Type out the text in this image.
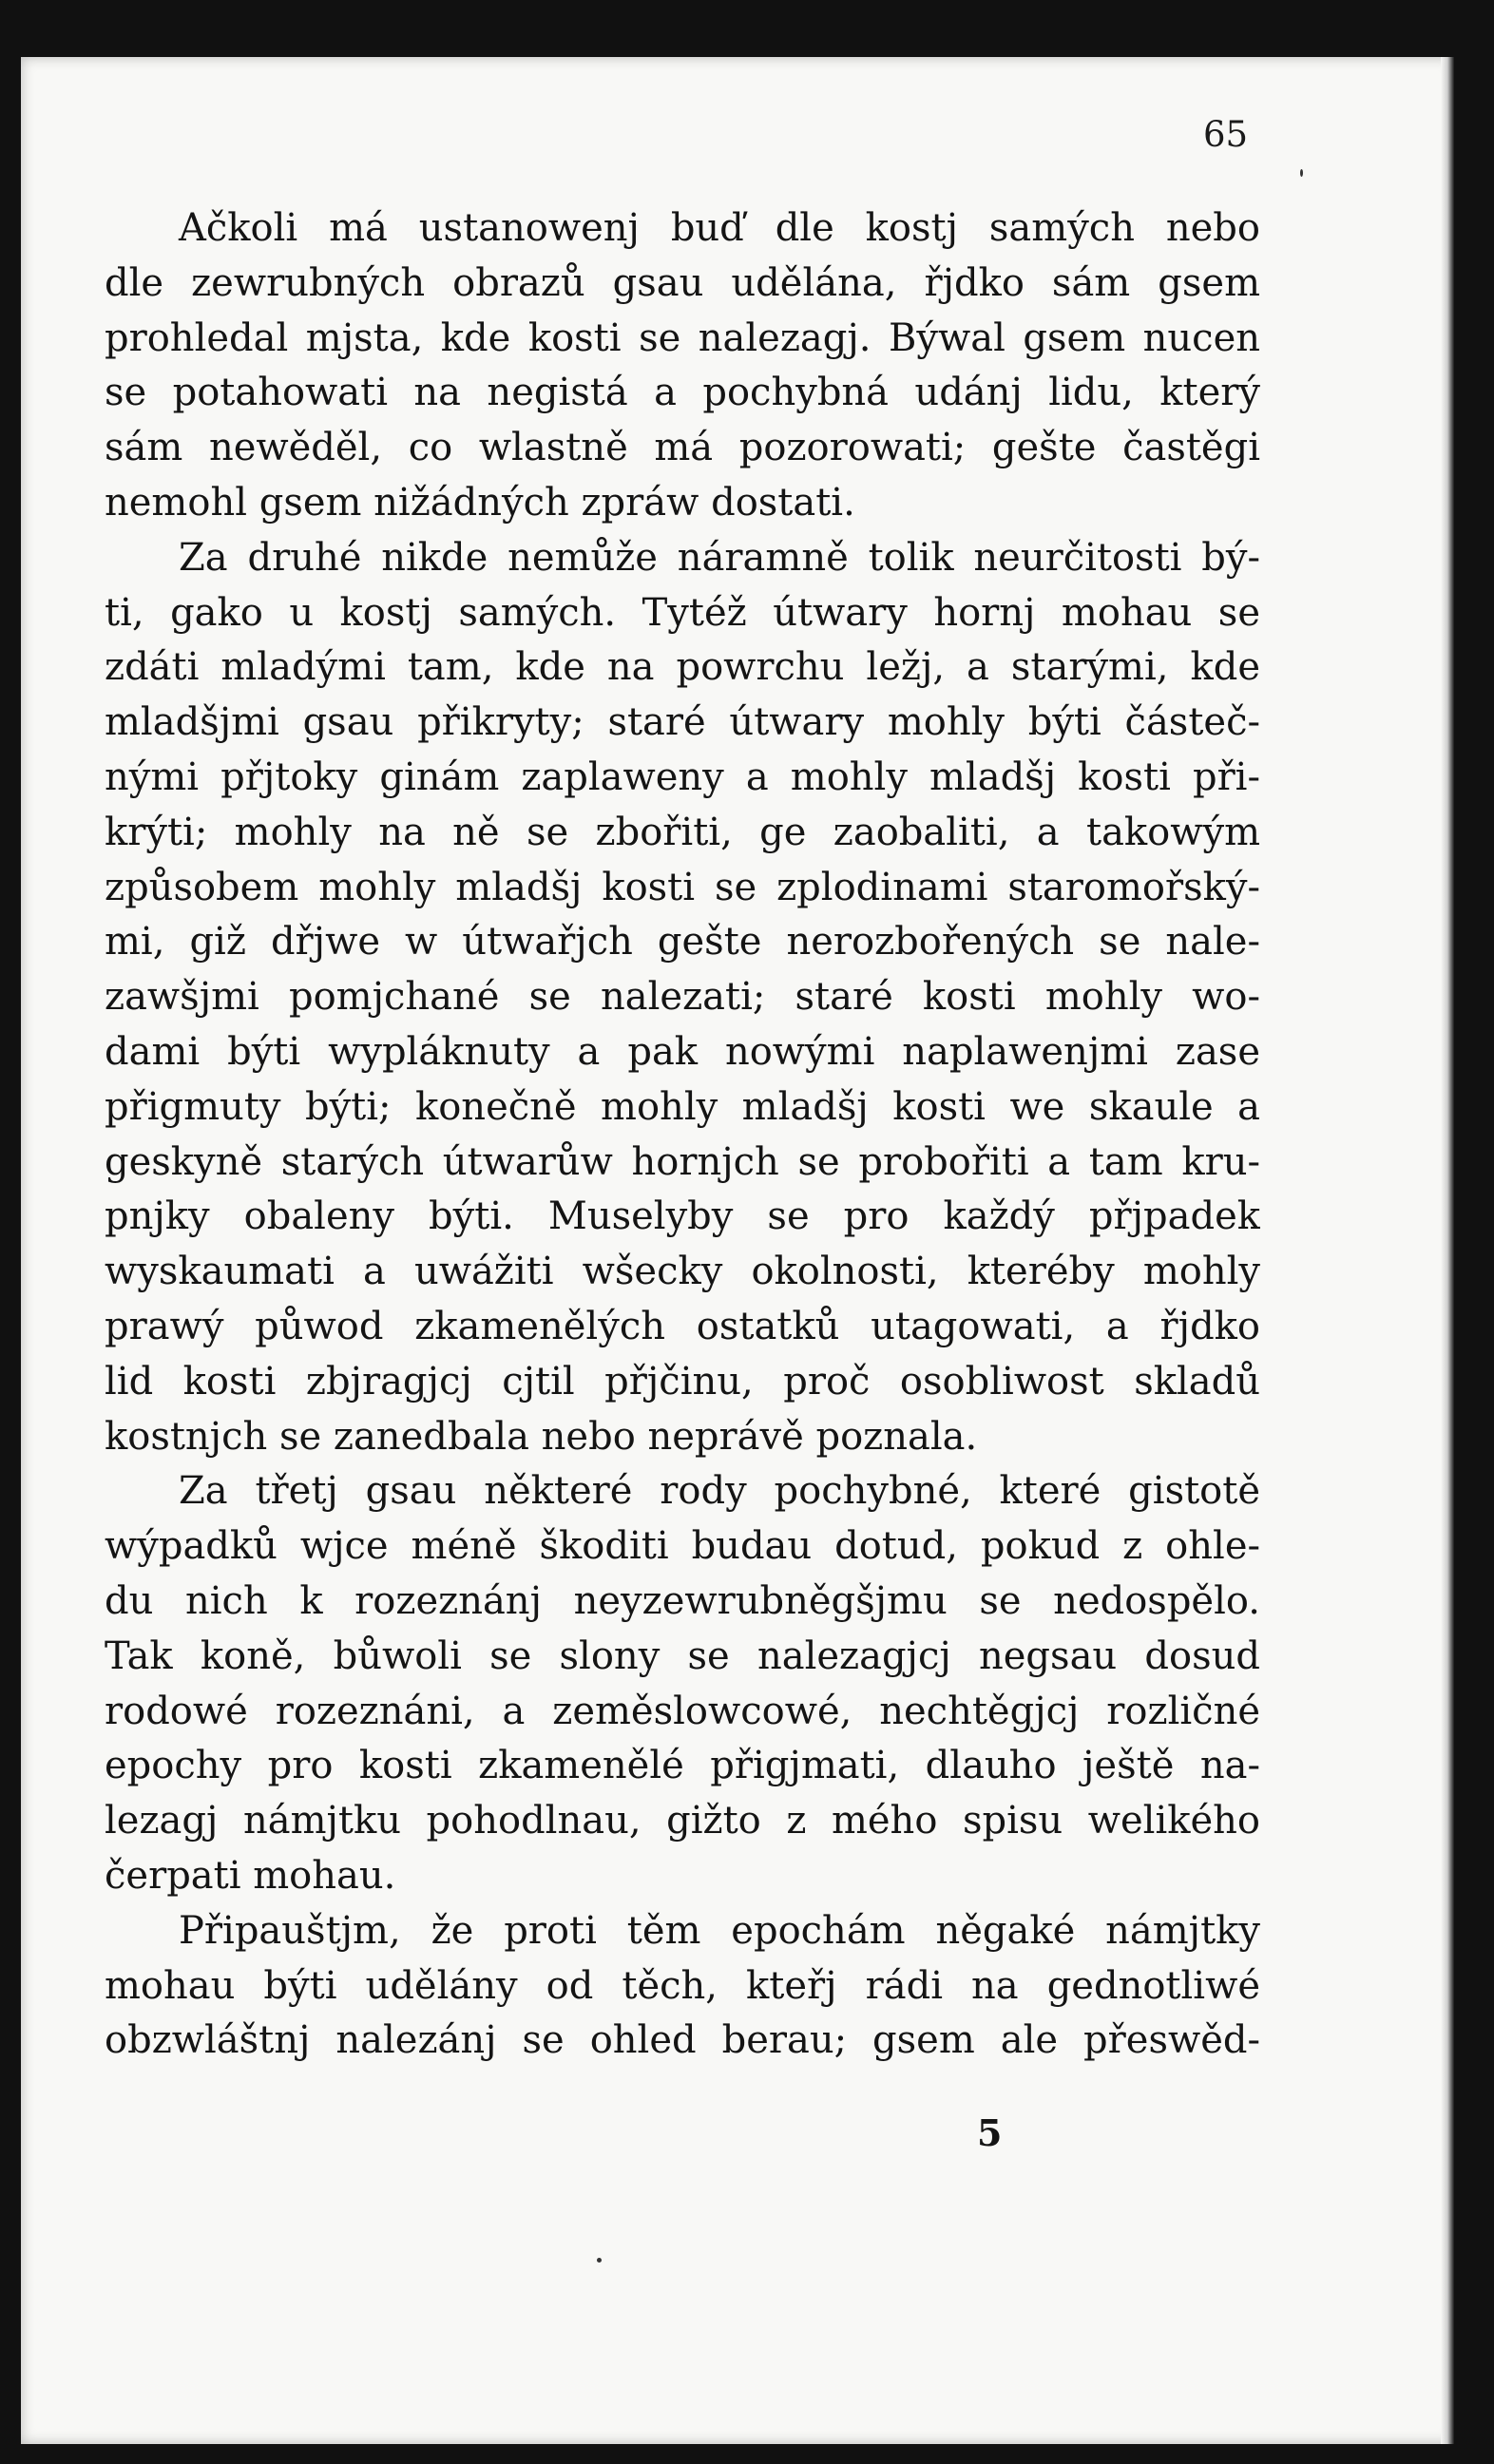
65
Ačkoli má ustanowenj buď dle kostj samých nebo
dle zewrubných obrazů gsau udělána, řjdko sám gsem
prohledal mjsta, kde kosti se nalezagj. Býwal gsem nucen
se potahowati na negistá a pochybná udánj lidu, který
sám newěděl, co wlastně má pozorowati; gešte častěgi
nemohl gsem nižádných zpráw dostati.
Za druhé nikde nemůže náramně tolik neurčitosti bý-
ti, gako u kostj samých. Tytéž útwary hornj mohau se
zdáti mladými tam, kde na powrchu ležj, a starými, kde
mladšjmi gsau přikryty; staré útwary mohly býti částeč-
nými přjtoky ginám zaplaweny a mohly mladšj kosti při-
krýti; mohly na ně se zbořiti, ge zaobaliti, a takowým
způsobem mohly mladšj kosti se zplodinami staromořský-
mi, giž dřjwe w útwařjch gešte nerozbořených se nale-
zawšjmi pomjchané se nalezati; staré kosti mohly wo-
dami býti wypláknuty a pak nowými naplawenjmi zase
přigmuty býti; konečně mohly mladšj kosti we skaule a
geskyně starých útwarůw hornjch se probořiti a tam kru-
pnjky obaleny býti. Muselyby se pro každý přjpadek
wyskaumati a uwážiti wšecky okolnosti, kteréby mohly
prawý půwod zkamenělých ostatků utagowati, a řjdko
lid kosti zbjragjcj cjtil přjčinu, proč osobliwost skladů
kostnjch se zanedbala nebo neprávě poznala.
Za třetj gsau některé rody pochybné, které gistotě
wýpadků wjce méně škoditi budau dotud, pokud z ohle-
du nich k rozeznánj neyzewrubněgšjmu se nedospělo.
Tak koně, bůwoli se slony se nalezagjcj negsau dosud
rodowé rozeznáni, a zeměslowcowé, nechtěgjcj rozličné
epochy pro kosti zkamenělé přigjmati, dlauho ještě na-
lezagj námjtku pohodlnau, gižto z mého spisu welikého
čerpati mohau.
Připauštjm, že proti těm epochám něgaké námjtky
mohau býti udělány od těch, kteřj rádi na gednotliwé
obzwláštnj nalezánj se ohled berau; gsem ale přeswěd-
5
